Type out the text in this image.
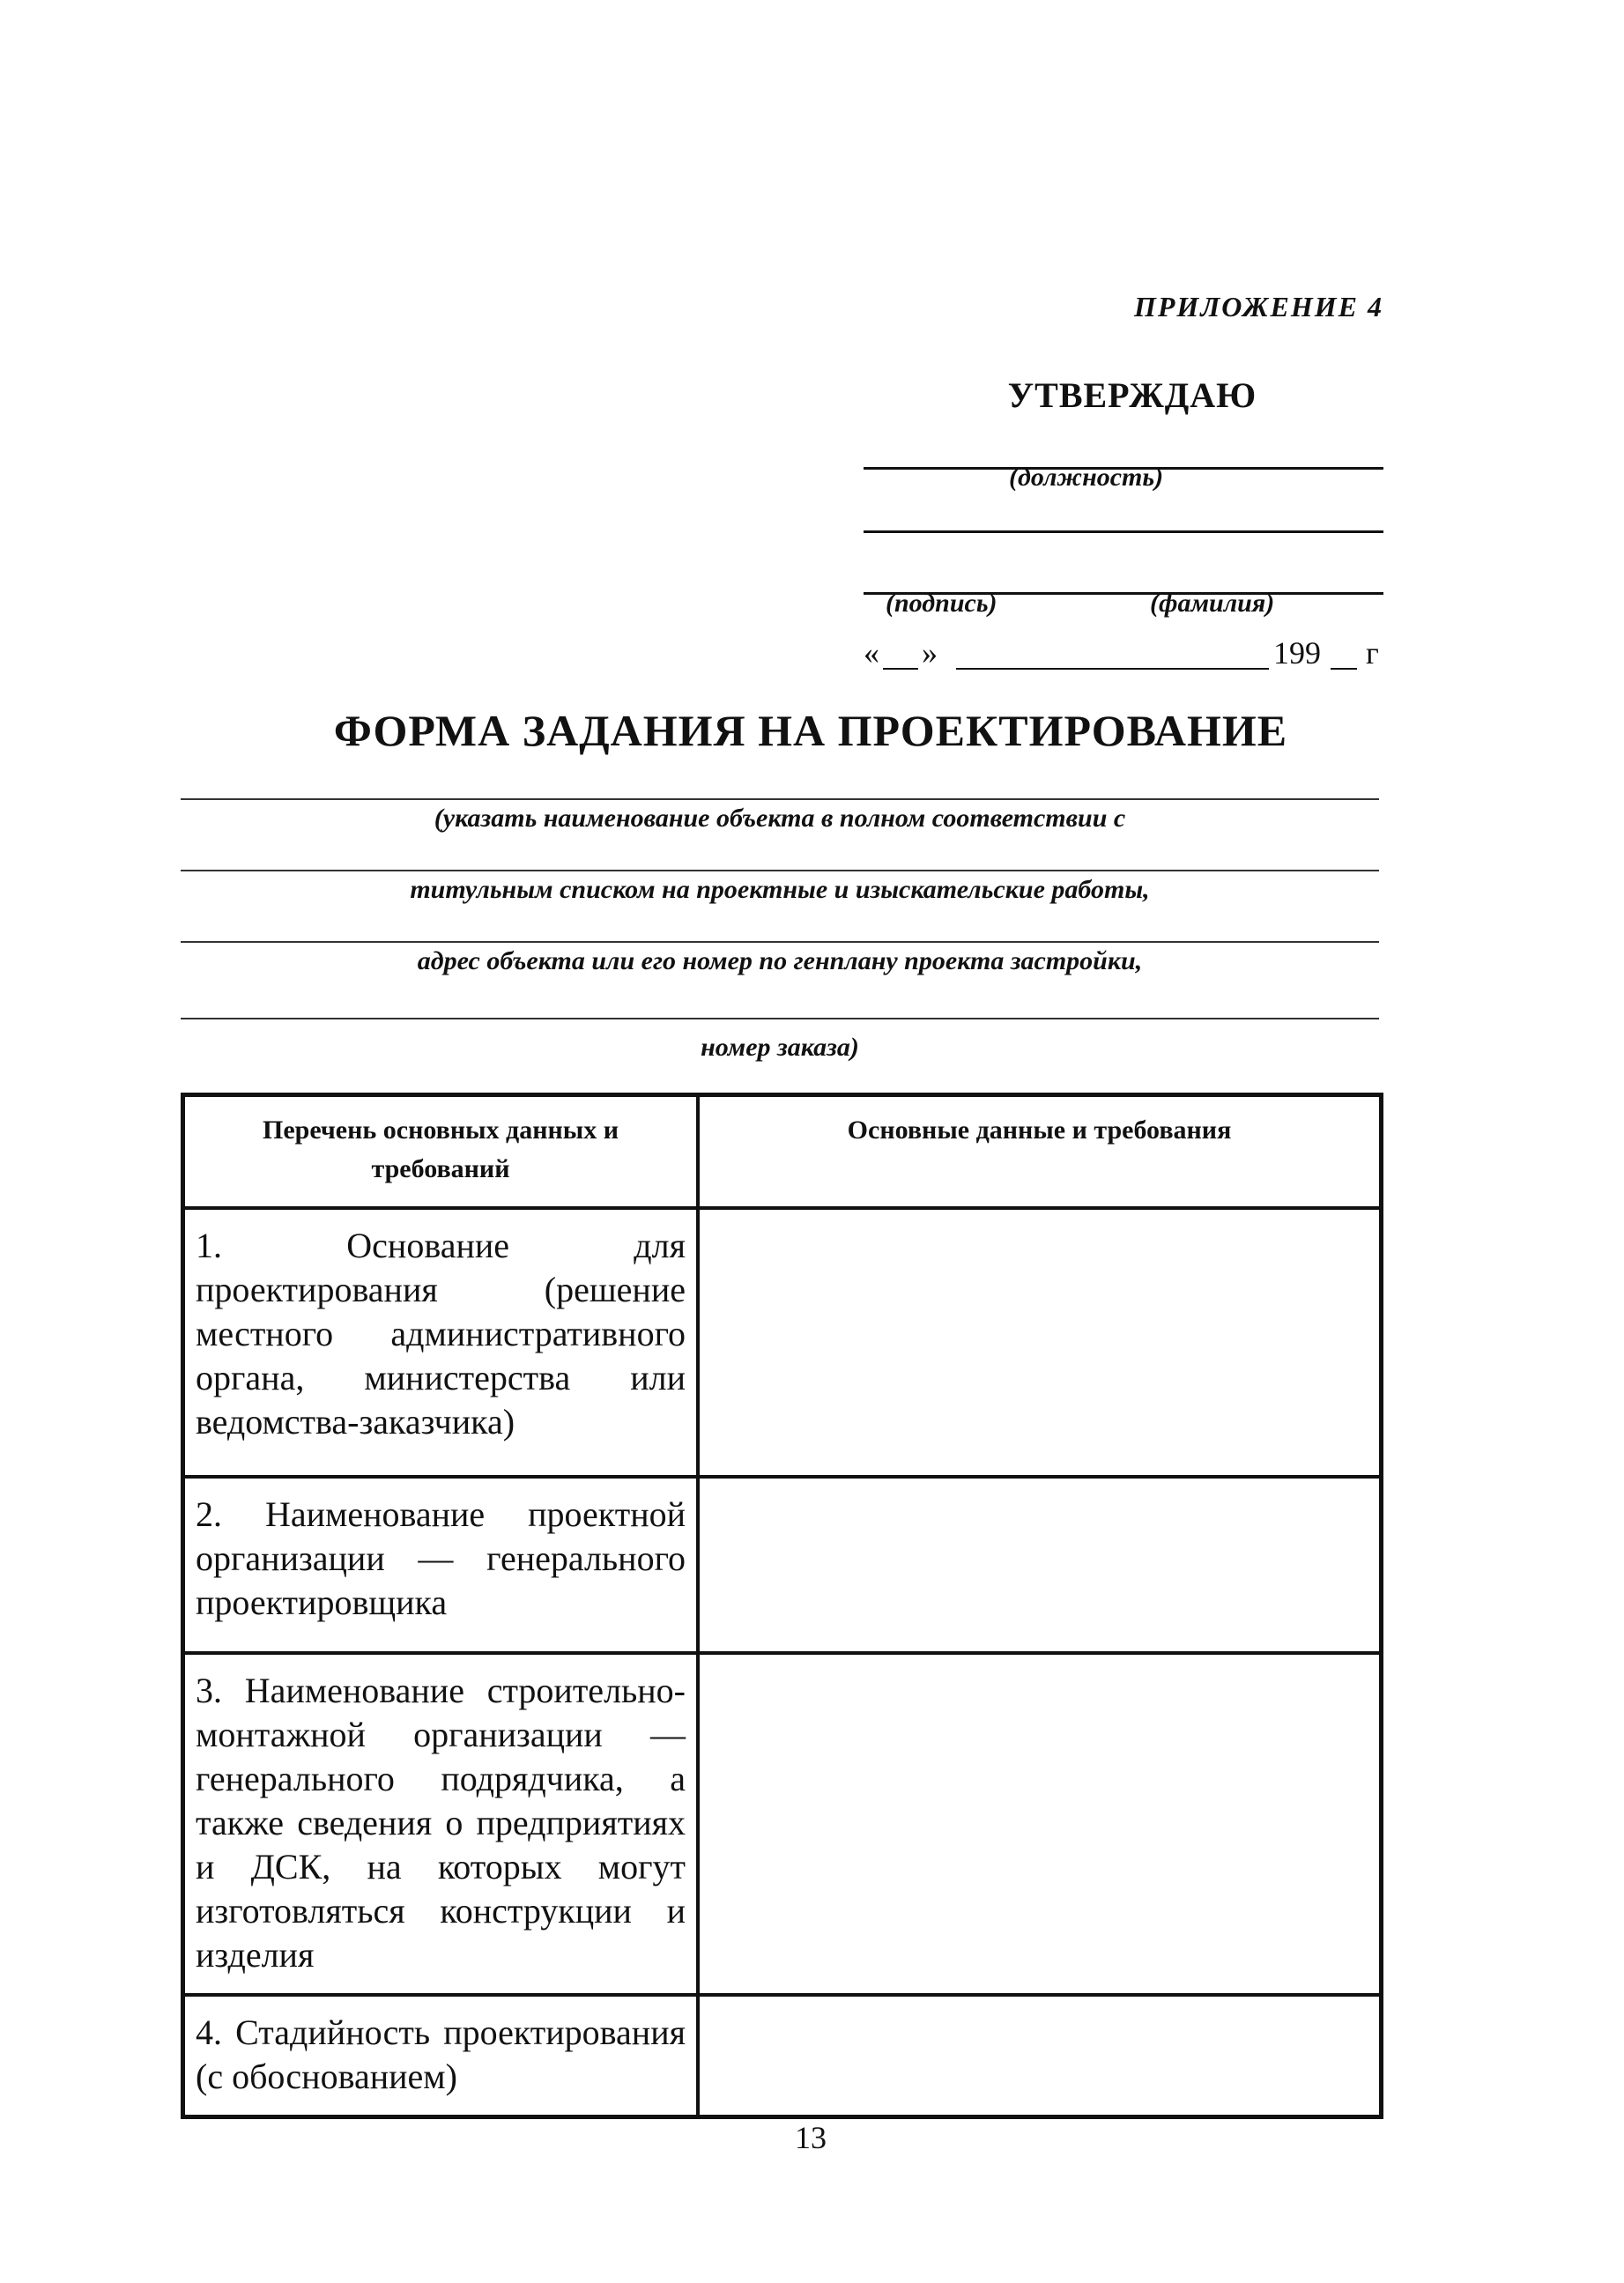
ПРИЛОЖЕНИЕ 4
УТВЕРЖДАЮ
(должность)
(подпись)	(фамилия)
« »	199 г
ФОРМА ЗАДАНИЯ НА ПРОЕКТИРОВАНИЕ
(указать наименование объекта в полном соответствии с
титульным списком на проектные и изыскательские работы,
адрес объекта или его номер по генплану проекта застройки,
номер заказа)
Перечень основных данных и требований	Основные данные и требования
1. Основание для проектирования (решение местного административного органа, министерства или ведомства-заказчика)	
2. Наименование проектной организации — генерального проектировщика	
3. Наименование строительно-монтажной организации — генерального подрядчика, а также сведения о предприятиях и ДСК, на которых могут изготовляться конструкции и изделия	
4. Стадийность проектирования (с обоснованием)	
13
